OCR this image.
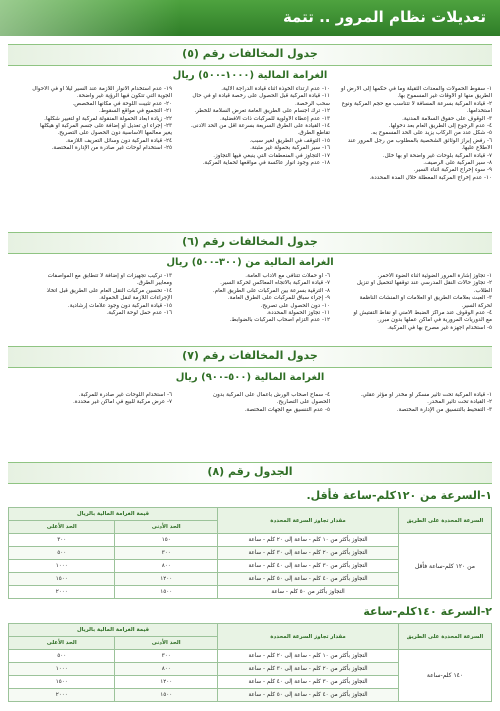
تعديلات نظام المرور .. تتمة
جدول المخالفات رقم (٥)
الغرامة المالية (١٠٠٠-٥٠٠) ريال
١- سقوط الحمولات والمعدات الثقيلة وما في حكمها إلى الأرض أو
الطريق منها أو الأوقات غير المسموح بها.
٢- قيادة المركبة بسرعة المسافة لا تتناسب مع حجم المركبة ونوع
استخدامها.
٣- الوقوف على حقوق السلامة المدنية.
٤- عدم الرجوع إلى الطريق العام بعد دخولها.
٥- شكل عدد من الركاب يزيد على الحد المسموح به.
٦- رفض إبراز الوثائق الشخصية بالمطلوب من رجل المرور عند
الاطلاع عليها.
٧- قيادة المركبة بلوحات غير واضحة أو بها خلل.
٨- سير المركبة على الرصيف.
٩- سوء إخراج المركبة أثناء السير.
١٠- عدم إخراج المركبة المعطلة خلال المدة المحددة.
١٠- عدم ارتداء الخوذة أثناء قيادة الدراجة الآلية.
١١- قيادة المركبة قبل الحصول على رخصة قيادة أو في حال
سحب الرخصة.
١٢- ترك أجسام على الطريق العامة تعرض السلامة للخطر.
١٣- عدم إعطاء الأولوية للمركبات ذات الأفضلية.
١٤- القيادة على الطرق السريعة بسرعة أقل من الحد الأدنى.
تقاطع الطرق.
١٥- التوقف في الطريق لغير سبب.
١٦- سير المركبة بحمولة غير مثبتة.
١٧- التجاوز في المنعطفات التي ينبغي فيها التجاوز.
١٨- عدم وجود أنوار عاكسة في مواقعها لحماية المركبة.
١٩- عدم استخدام الأنوار اللازمة عند السير ليلاً أو في الأحوال
الجوية التي تتكون فيها الرؤية غير واضحة.
٢٠- عدم تثبيت اللوحة في مكانها المخصص.
٢١- التجميع في مواقع السقوط.
٢٢- زيادة أبعاد الحمولة المنقولة لمركبة أو لتغيير شكلها.
٢٣- إجراء أي تعديل أو إضافة على جسم المركبة أو هيكلها
يغير معالمها الأساسية دون الحصول على التصريح.
٢٤- قيادة المركبة دون وسائل التعريف اللازمة.
٢٥- استخدام لوحات غير صادرة من الإدارة المختصة.
جدول المخالفات رقم (٦)
الغرامة المالية من (٣٠٠-٥٠٠) ريال
١- تجاوز إشارة المرور الضوئية أثناء الضوء الأحمر.
٢- تجاوز حالات النقل المدرسي عند توقفها لتحميل أو تنزيل
الطلاب.
٣- العبث بعلامات الطريق أو العلامات أو المنشآت الناظمة
لحركة السير.
٤- عدم الوقوف عند مراكز الضبط الأمني أو نقاط التفتيش أو
مع الدوريات المرورية في أماكن عملها بدون مبرر.
٥- استخدام أجهزة غير مصرح بها في المركبة.
٦- أو حملات تتنافى مع الآداب العامة.
٧- قيادة المركبة بالاتجاه المعاكس لحركة السير.
٨- الترقية بسرعة بين المركبات على الطريق العام.
٩- إجراء سباق للمركبات على الطرق العامة.
١٠- دون الحصول على تصريح.
١١- تجاوز الحمولة المحددة.
١٢- عدم التزام أصحاب المركبات بالضوابط.
١٣- تركيب تجهيزات أو إضافة لا تتطابق مع المواصفات
ومعايير الطرق.
١٤- تحسين مركبات النقل العام على الطريق قبل اتخاذ
الإجراءات اللازمة لنقل الحمولة.
١٥- قيادة المركبة دون وجود علامات إرشادية.
١٦- عدم حمل لوحة المركبة.
جدول المخالفات رقم (٧)
الغرامة المالية (٥٠٠-٩٠٠) ريال
١- قيادة المركبة تحت تأثير مسكر أو مخدر أو مؤثر عقلي.
٢- القيادة تحت تأثير المخدر.
٣- التفحيط بالتنسيق من الإدارة المختصة.
٤- سماح أصحاب الورش بأعمال على المركبة بدون
الحصول على التصاريح.
٥- عدم التنسيق مع الجهات المختصة.
٦- استخدام اللوحات غير صادرة للمركبة.
٧- عرض مركبة للبيع في أماكن غير محددة.
الجدول رقم (٨)
١-السرعة من ١٢٠كلم-ساعة فأقل.
السرعة المحددة على الطريق	مقدار تجاوز السرعة المحددة	قيمة الغرامة المالية بالريال	
		الحد الأدنى	الحد الأعلى
من ١٢٠ كلم-ساعة فأقل	التجاوز بأكثر من ١٠ كلم - ساعة إلى ٢٠ كلم - ساعة	١٥٠	٣٠٠
	التجاوز بأكثر من ٢٠ كلم - ساعة إلى ٣٠ كلم - ساعة	٣٠٠	٥٠٠
	التجاوز بأكثر من ٣٠ كلم - ساعة إلى ٤٠ كلم - ساعة	٨٠٠	١٠٠٠
	التجاوز بأكثر من ٤٠ كلم - ساعة إلى ٥٠ كلم - ساعة	١٢٠٠	١٥٠٠
	التجاوز بأكثر من ٥٠ كلم - ساعة	١٥٠٠	٢٠٠٠
٢-السرعة ١٤٠كلم-ساعة
السرعة المحددة على الطريق	مقدار تجاوز السرعة المحددة	قيمة الغرامة المالية بالريال	
		الحد الأدنى	الحد الأعلى
١٤٠ كلم-ساعة	التجاوز بأكثر من ١٠ كلم - ساعة إلى ٢٠ كلم - ساعة	٣٠٠	٥٠٠
	التجاوز بأكثر من ٢٠ كلم - ساعة إلى ٣٠ كلم - ساعة	٨٠٠	١٠٠٠
	التجاوز بأكثر من ٣٠ كلم - ساعة إلى ٤٠ كلم - ساعة	١٢٠٠	١٥٠٠
	التجاوز بأكثر من ٤٠ كلم - ساعة إلى ٥٠ كلم - ساعة	١٥٠٠	٢٠٠٠
